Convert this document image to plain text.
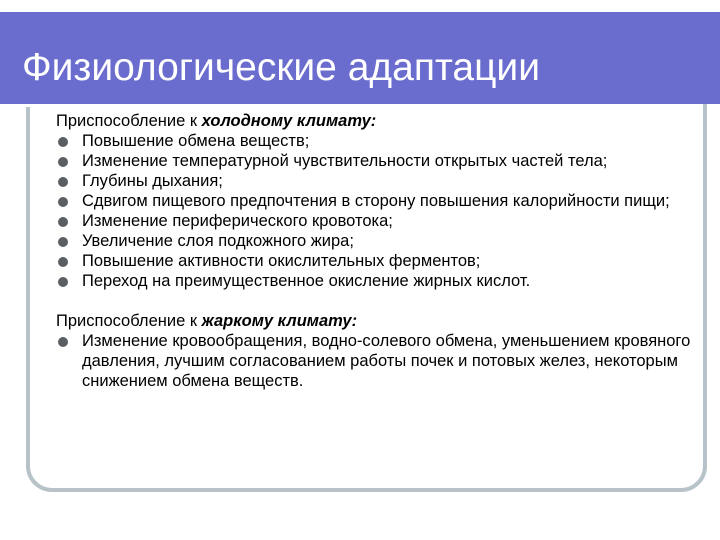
Физиологические адаптации

Приспособление к холодному климату:

Повышение обмена веществ;
Изменение температурной чувствительности открытых частей тела;
Глубины дыхания;
Сдвигом пищевого предпочтения в сторону повышения калорийности пищи;
Изменение периферического кровотока;
Увеличение слоя подкожного жира;
Повышение активности окислительных ферментов;
Переход на преимущественное окисление жирных кислот.

Приспособление к жаркому климату:

Изменение кровообращения, водно-солевого обмена, уменьшением кровяного давления, лучшим согласованием работы почек и потовых желез, некоторым снижением обмена веществ.
